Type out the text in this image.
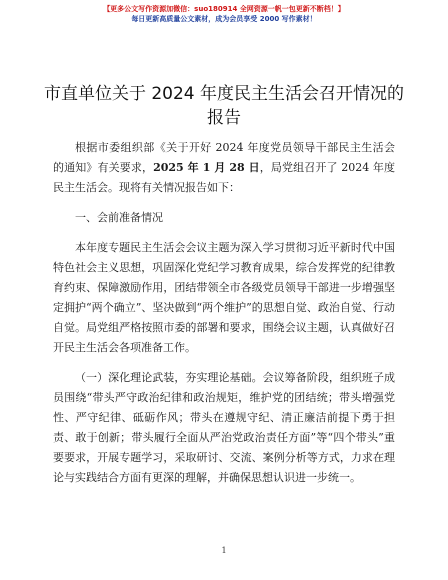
【更多公文写作资源加微信：suo180914 全网资源一帆一包更新不断档！】
每日更新高质量公文素材，成为会员享受 2000 写作素材！
市直单位关于 2024 年度民主生活会召开情况的
报告

根据市委组织部《关于开好 2024 年度党员领导干部民主生活会的通知》有关要求，2025 年 1 月 28 日，局党组召开了 2024 年度民主生活会。现将有关情况报告如下：

一、会前准备情况

本年度专题民主生活会会议主题为深入学习贯彻习近平新时代中国特色社会主义思想，巩固深化党纪学习教育成果，综合发挥党的纪律教育约束、保障激励作用，团结带领全市各级党员领导干部进一步增强坚定拥护“两个确立”、坚决做到“两个维护”的思想自觉、政治自觉、行动自觉。局党组严格按照市委的部署和要求，围绕会议主题，认真做好召开民主生活会各项准备工作。

（一）深化理论武装，夯实理论基础。会议筹备阶段，组织班子成员围绕“带头严守政治纪律和政治规矩，维护党的团结统；带头增强党性、严守纪律、砥砺作风；带头在遵规守纪、清正廉洁前提下勇于担责、敢于创新；带头履行全面从严治党政治责任方面”等“四个带头”重要要求，开展专题学习，采取研讨、交流、案例分析等方式，力求在理论与实践结合方面有更深的理解，并确保思想认识进一步统一。

1
